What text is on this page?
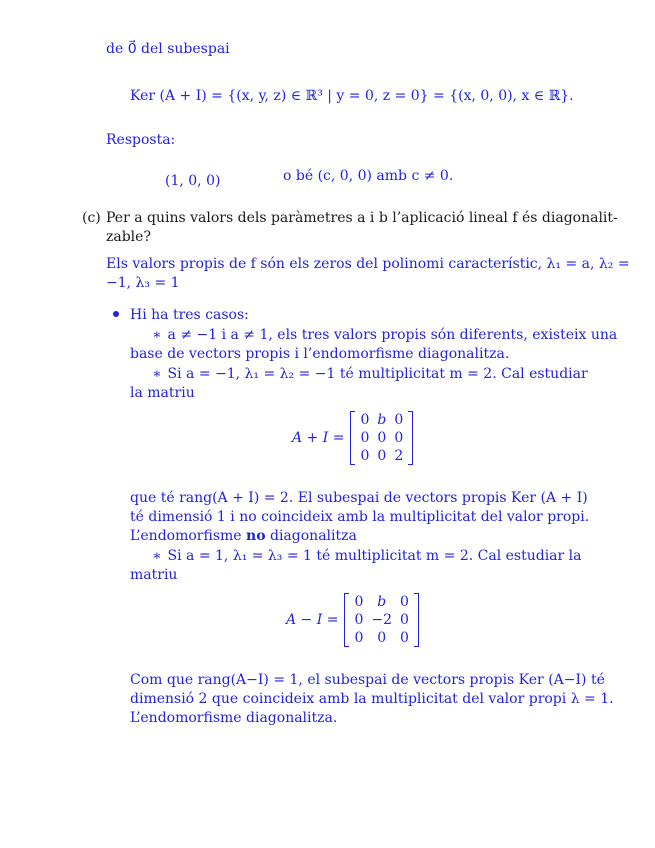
de 0⃗ del subespai
Ker (A + I) = {(x, y, z) ∈ ℝ³ | y = 0, z = 0} = {(x, 0, 0), x ∈ ℝ}.
Resposta:
(1, 0, 0)	o bé (c, 0, 0) amb c ≠ 0.
(c) Per a quins valors dels paràmetres a i b l’aplicació lineal f és diagonalit-
zable?
Els valors propis de f són els zeros del polinomi característic, λ₁ = a, λ₂ =
−1, λ₃ = 1
Hi ha tres casos:
∗ a ≠ −1 i a ≠ 1, els tres valors propis són diferents, existeix una
base de vectors propis i l’endomorfisme diagonalitza.
∗ Si a = −1, λ₁ = λ₂ = −1 té multiplicitat m = 2. Cal estudiar
la matriu
A + I =
0	b	0
0	0	0
0	0	2
que té rang(A + I) = 2. El subespai de vectors propis Ker (A + I)
té dimensió 1 i no coincideix amb la multiplicitat del valor propi.
L’endomorfisme no diagonalitza
∗ Si a = 1, λ₁ = λ₃ = 1 té multiplicitat m = 2. Cal estudiar la
matriu
A − I =
0	b	0
0	−2	0
0	0	0
Com que rang(A−I) = 1, el subespai de vectors propis Ker (A−I) té
dimensió 2 que coincideix amb la multiplicitat del valor propi λ = 1.
L’endomorfisme diagonalitza.
